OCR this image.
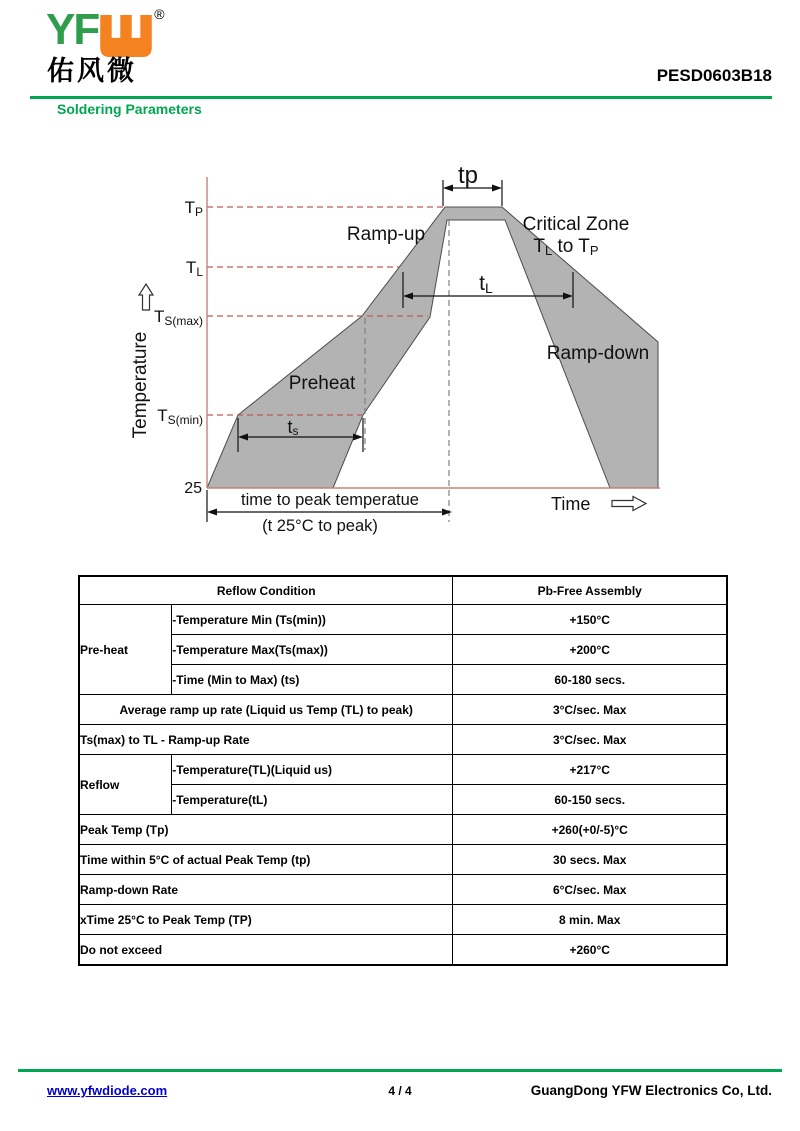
YF	®
佑风微	PESD0603B18
Soldering Parameters
tp
Ramp-up	Critical Zone
TL to TP
tL
Ramp-down
Preheat
ts
TP
TL
TS(max)
TS(min)
25
Temperature
Time
time to peak temperatue
(t 25°C to peak)
Reflow Condition		Pb-Free Assembly
Pre-heat	-Temperature Min (Ts(min))	+150°C
	-Temperature Max(Ts(max))	+200°C
	-Time (Min to Max) (ts)	60-180 secs.
Average ramp up rate (Liquid us Temp (TL) to peak)		3°C/sec. Max
Ts(max) to TL - Ramp-up Rate		3°C/sec. Max
Reflow	-Temperature(TL)(Liquid us)	+217°C
	-Temperature(tL)	60-150 secs.
Peak Temp (Tp)		+260(+0/-5)°C
Time within 5°C of actual Peak Temp (tp)		30 secs. Max
Ramp-down Rate		6°C/sec. Max
xTime 25°C to Peak Temp (TP)		8 min. Max
Do not exceed		+260°C
www.yfwdiode.com	4 / 4	GuangDong YFW Electronics Co, Ltd.
